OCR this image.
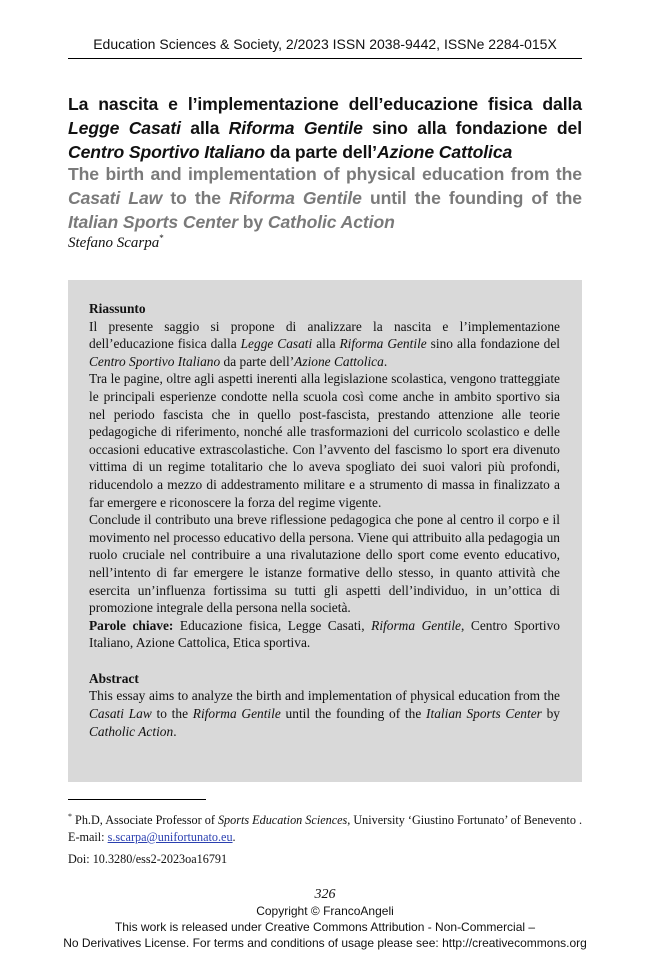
Education Sciences & Society, 2/2023 ISSN 2038-9442, ISSNe 2284-015X
La nascita e l’implementazione dell’educazione fisica dalla Legge Casati alla Riforma Gentile sino alla fondazione del Centro Sportivo Italiano da parte dell’Azione Cattolica
The birth and implementation of physical education from the Casati Law to the Riforma Gentile until the founding of the Italian Sports Center by Catholic Action
Stefano Scarpa*

Riassunto

Il presente saggio si propone di analizzare la nascita e l’implementazione dell’educazione fisica dalla Legge Casati alla Riforma Gentile sino alla fondazione del Centro Sportivo Italiano da parte dell’Azione Cattolica.

Tra le pagine, oltre agli aspetti inerenti alla legislazione scolastica, vengono tratteggiate le principali esperienze condotte nella scuola così come anche in ambito sportivo sia nel periodo fascista che in quello post-fascista, prestando attenzione alle teorie pedagogiche di riferimento, nonché alle trasformazioni del curricolo scolastico e delle occasioni educative extrascolastiche. Con l’avvento del fascismo lo sport era divenuto vittima di un regime totalitario che lo aveva spogliato dei suoi valori più profondi, riducendolo a mezzo di addestramento militare e a strumento di massa in finalizzato a far emergere e riconoscere la forza del regime vigente.

Conclude il contributo una breve riflessione pedagogica che pone al centro il corpo e il movimento nel processo educativo della persona. Viene qui attribuito alla pedagogia un ruolo cruciale nel contribuire a una rivalutazione dello sport come evento educativo, nell’intento di far emergere le istanze formative dello stesso, in quanto attività che esercita un’influenza fortissima su tutti gli aspetti dell’individuo, in un’ottica di promozione integrale della persona nella società.

Parole chiave: Educazione fisica, Legge Casati, Riforma Gentile, Centro Sportivo Italiano, Azione Cattolica, Etica sportiva.

Abstract

This essay aims to analyze the birth and implementation of physical education from the Casati Law to the Riforma Gentile until the founding of the Italian Sports Center by Catholic Action.

* Ph.D, Associate Professor of Sports Education Sciences, University ‘Giustino Fortunato’ of Benevento . E-mail: s.scarpa@unifortunato.eu.
Doi: 10.3280/ess2-2023oa16791
326
Copyright © FrancoAngeli
This work is released under Creative Commons Attribution - Non-Commercial –
No Derivatives License. For terms and conditions of usage please see: http://creativecommons.org
